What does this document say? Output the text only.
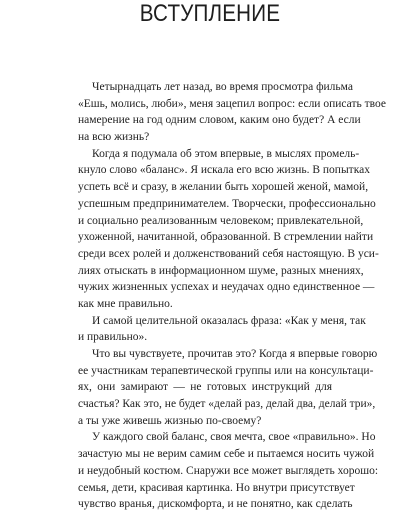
ВСТУПЛЕНИЕ
Четырнадцать лет назад, во время просмотра фильма
«Ешь, молись, люби», меня зацепил вопрос: если описать твое
намерение на год одним словом, каким оно будет? А если
на всю жизнь?
Когда я подумала об этом впервые, в мыслях промель-
кнуло слово «баланс». Я искала его всю жизнь. В попытках
успеть всё и сразу, в желании быть хорошей женой, мамой,
успешным предпринимателем. Творчески, профессионально
и социально реализованным человеком; привлекательной,
ухоженной, начитанной, образованной. В стремлении найти
среди всех ролей и долженствований себя настоящую. В уси-
лиях отыскать в информационном шуме, разных мнениях,
чужих жизненных успехах и неудачах одно единственное —
как мне правильно.
И самой целительной оказалась фраза: «Как у меня, так
и правильно».
Что вы чувствуете, прочитав это? Когда я впервые говорю
ее участникам терапевтической группы или на консультаци-
ях, они замирают — не готовых инструкций для
счастья? Как это, не будет «делай раз, делай два, делай три»,
а ты уже живешь жизнью по-своему?
У каждого свой баланс, своя мечта, свое «правильно». Но
зачастую мы не верим самим себе и пытаемся носить чужой
и неудобный костюм. Снаружи все может выглядеть хорошо:
семья, дети, красивая картинка. Но внутри присутствует
чувство вранья, дискомфорта, и не понятно, как сделать
